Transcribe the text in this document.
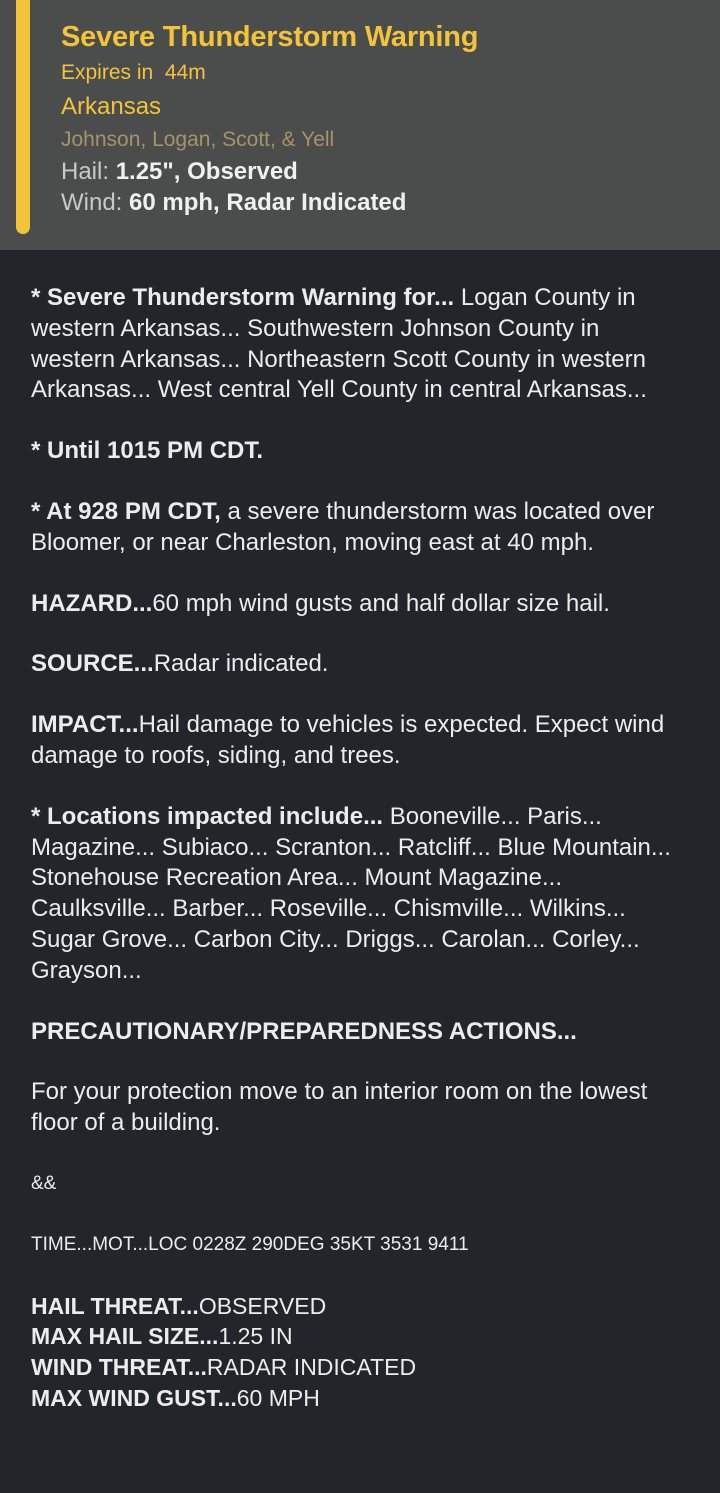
Severe Thunderstorm Warning
Expires in 44m
Arkansas
Johnson, Logan, Scott, & Yell
Hail: 1.25", Observed
Wind: 60 mph, Radar Indicated

* Severe Thunderstorm Warning for... Logan County in western Arkansas... Southwestern Johnson County in western Arkansas... Northeastern Scott County in western Arkansas... West central Yell County in central Arkansas...

* Until 1015 PM CDT.

* At 928 PM CDT, a severe thunderstorm was located over Bloomer, or near Charleston, moving east at 40 mph.

HAZARD...60 mph wind gusts and half dollar size hail.

SOURCE...Radar indicated.

IMPACT...Hail damage to vehicles is expected. Expect wind damage to roofs, siding, and trees.

* Locations impacted include... Booneville... Paris... Magazine... Subiaco... Scranton... Ratcliff... Blue Mountain... Stonehouse Recreation Area... Mount Magazine... Caulksville... Barber... Roseville... Chismville... Wilkins... Sugar Grove... Carbon City... Driggs... Carolan... Corley... Grayson...

PRECAUTIONARY/PREPAREDNESS ACTIONS...

For your protection move to an interior room on the lowest floor of a building.

&&

TIME...MOT...LOC 0228Z 290DEG 35KT 3531 9411

HAIL THREAT...OBSERVED
MAX HAIL SIZE...1.25 IN
WIND THREAT...RADAR INDICATED
MAX WIND GUST...60 MPH
